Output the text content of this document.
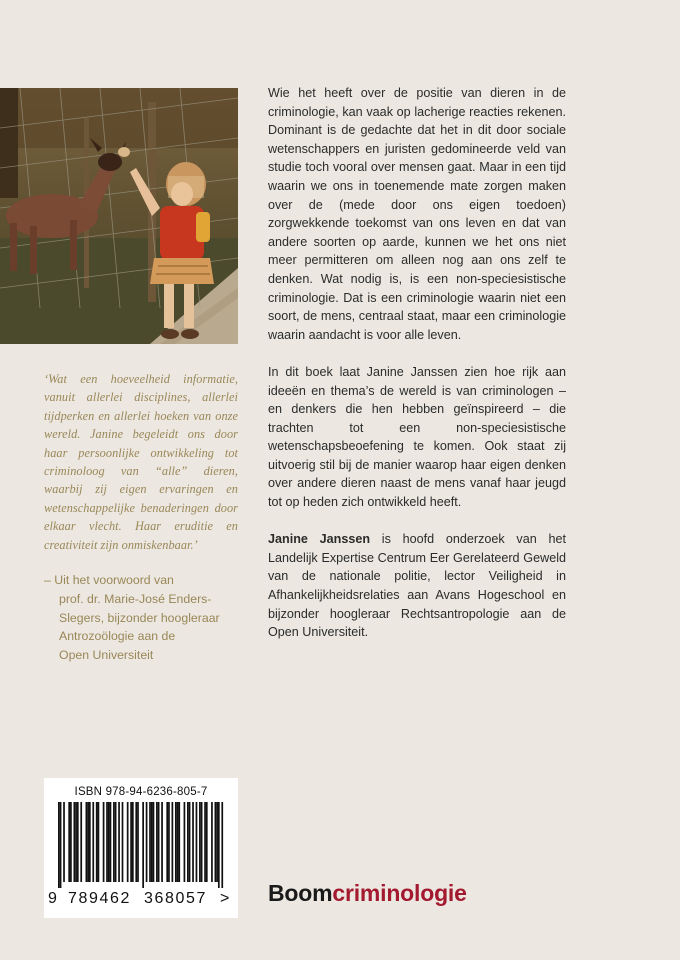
‘Wat een hoeveelheid informatie, vanuit allerlei disciplines, allerlei tijdperken en allerlei hoeken van onze wereld. Janine begeleidt ons door haar persoonlijke ontwikkeling tot criminoloog van “alle” dieren, waarbij zij eigen ervaringen en wetenschappelijke benaderingen door elkaar vlecht. Haar eruditie en creativiteit zijn onmiskenbaar.’
– Uit het voorwoord van
prof. dr. Marie-José Enders-
Slegers, bijzonder hoogleraar
Antrozoölogie aan de
Open Universiteit

Wie het heeft over de positie van dieren in de criminologie, kan vaak op lacherige reacties rekenen. Dominant is de gedachte dat het in dit door sociale wetenschappers en juristen gedomineerde veld van studie toch vooral over mensen gaat. Maar in een tijd waarin we ons in toenemende mate zorgen maken over de (mede door ons eigen toedoen) zorgwekkende toekomst van ons leven en dat van andere soorten op aarde, kunnen we het ons niet meer permitteren om alleen nog aan ons zelf te denken. Wat nodig is, is een non-speciesistische criminologie. Dat is een criminologie waarin niet een soort, de mens, centraal staat, maar een criminologie waarin aandacht is voor alle leven.

In dit boek laat Janine Janssen zien hoe rijk aan ideeën en thema’s de wereld is van criminologen – en denkers die hen hebben geïnspireerd – die trachten tot een non-speciesistische wetenschapsbeoefening te komen. Ook staat zij uitvoerig stil bij de manier waarop haar eigen denken over andere dieren naast de mens vanaf haar jeugd tot op heden zich ontwikkeld heeft.

Janine Janssen is hoofd onderzoek van het Landelijk Expertise Centrum Eer Gerelateerd Geweld van de nationale politie, lector Veiligheid in Afhankelijkheidsrelaties aan Avans Hogeschool en bijzonder hoogleraar Rechtsantropologie aan de Open Universiteit.

ISBN 978-94-6236-805-7
9 789462 368057 > Boomcriminologie
